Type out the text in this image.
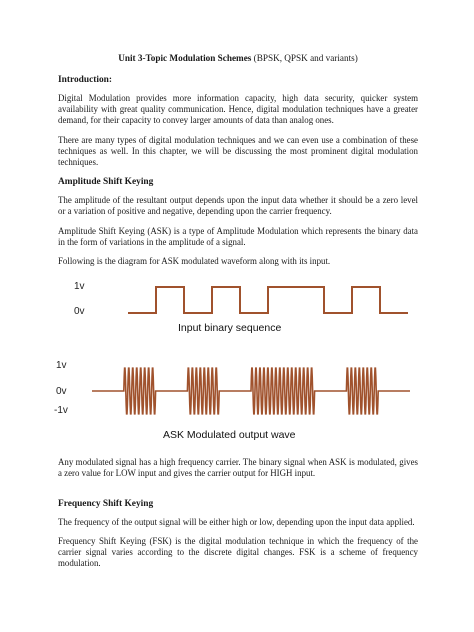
Unit 3-Topic Modulation Schemes (BPSK, QPSK and variants)
Introduction:

Digital Modulation provides more information capacity, high data security, quicker system availability with great quality communication. Hence, digital modulation techniques have a greater demand, for their capacity to convey larger amounts of data than analog ones.

There are many types of digital modulation techniques and we can even use a combination of these techniques as well. In this chapter, we will be discussing the most prominent digital modulation techniques.

Amplitude Shift Keying

The amplitude of the resultant output depends upon the input data whether it should be a zero level or a variation of positive and negative, depending upon the carrier frequency.

Amplitude Shift Keying (ASK) is a type of Amplitude Modulation which represents the binary data in the form of variations in the amplitude of a signal.

Following is the diagram for ASK modulated waveform along with its input.

1v
0v
Input binary sequence
1v
0v
-1v
ASK Modulated output wave

Any modulated signal has a high frequency carrier. The binary signal when ASK is modulated, gives a zero value for LOW input and gives the carrier output for HIGH input.

Frequency Shift Keying

The frequency of the output signal will be either high or low, depending upon the input data applied.

Frequency Shift Keying (FSK) is the digital modulation technique in which the frequency of the carrier signal varies according to the discrete digital changes. FSK is a scheme of frequency modulation.
